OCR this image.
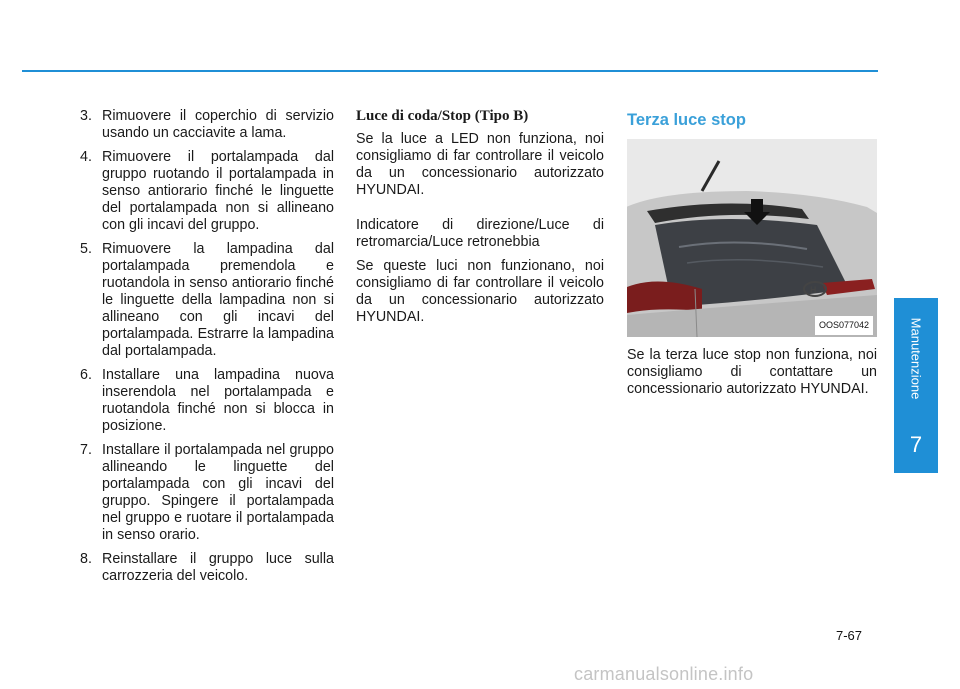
3. Rimuovere il coperchio di servizio usando un cacciavite a lama.
4. Rimuovere il portalampada dal gruppo ruotando il portalampada in senso antiorario finché le linguette del portalampada non si allineano con gli incavi del gruppo.
5. Rimuovere la lampadina dal portalampada premendola e ruotandola in senso antiorario finché le linguette della lampadina non si allineano con gli incavi del portalampada. Estrarre la lampadina dal portalampada.
6. Installare una lampadina nuova inserendola nel portalampada e ruotandola finché non si blocca in posizione.
7. Installare il portalampada nel gruppo allineando le linguette del portalampada con gli incavi del gruppo. Spingere il portalampada nel gruppo e ruotare il portalampada in senso orario.
8. Reinstallare il gruppo luce sulla carrozzeria del veicolo.
Luce di coda/Stop (Tipo B)

Se la luce a LED non funziona, noi consigliamo di far controllare il veicolo da un concessionario autorizzato HYUNDAI.

Indicatore di direzione/Luce di retromarcia/Luce retronebbia

Se queste luci non funzionano, noi consigliamo di far controllare il veicolo da un concessionario autorizzato HYUNDAI.

Terza luce stop
H
OOS077042

Se la terza luce stop non funziona, noi consigliamo di contattare un concessionario autorizzato HYUNDAI.	Manutenzione
7
7-67
carmanualsonline.info
